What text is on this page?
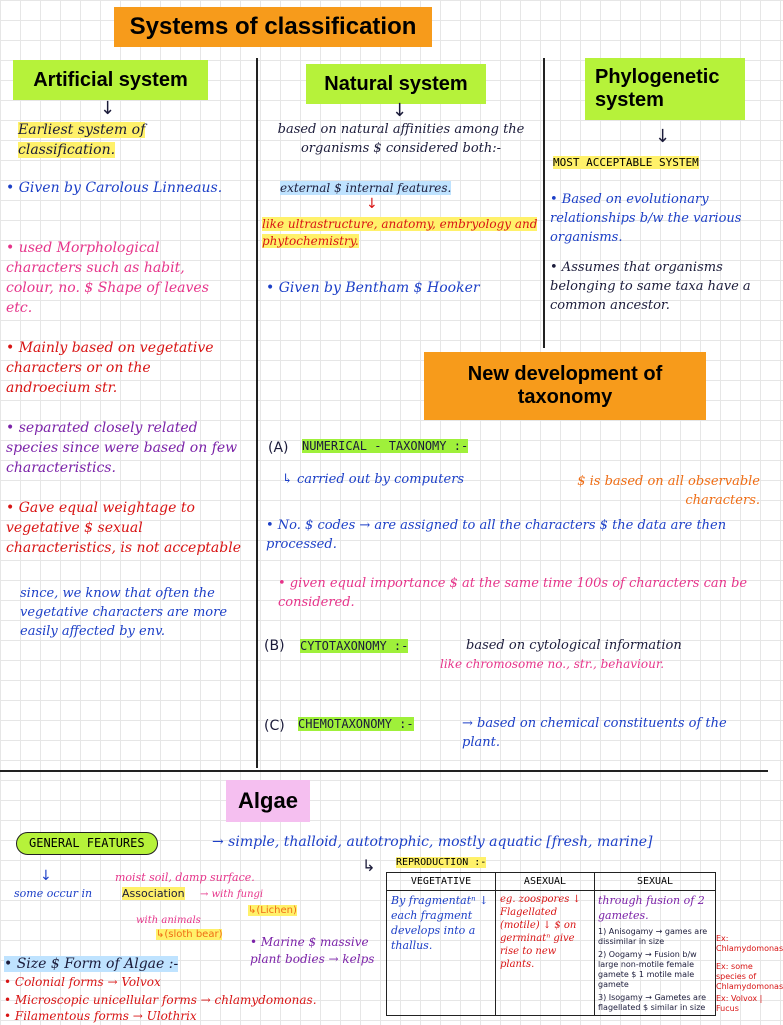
Systems of classification
Artificial system
↓
Earliest system of classification.
• Given by Carolous Linneaus.
• used Morphological characters such as habit, colour, no. $ Shape of leaves etc.
• Mainly based on vegetative characters or on the androecium str.
• separated closely related species since were based on few characteristics.
• Gave equal weightage to vegetative $ sexual characteristics, is not acceptable
since, we know that often the vegetative characters are more easily affected by env.
Natural system
↓
based on natural affinities among the organisms $ considered both:-
external $ internal features.
↓
like ultrastructure, anatomy, embryology and phytochemistry.
• Given by Bentham $ Hooker
Phylogenetic system
↓
MOST ACCEPTABLE SYSTEM
• Based on evolutionary relationships b/w the various organisms.
• Assumes that organisms belonging to same taxa have a common ancestor.
New development of taxonomy
(A) NUMERICAL - TAXONOMY :-
↳ carried out by computers	$ is based on all observable characters.
• No. $ codes → are assigned to all the characters $ the data are then processed.
• given equal importance $ at the same time 100s of characters can be considered.
(B) CYTOTAXONOMY :-	based on cytological information
like chromosome no., str., behaviour.
(C) CHEMOTAXONOMY :-	→ based on chemical constituents of the plant.
Algae
GENERAL FEATURES	→ simple, thalloid, autotrophic, mostly aquatic [fresh, marine]
moist soil, damp surface.
↓
some occur in	Association → with fungi
↳(Lichen)
with animals
↳(sloth bear)
• Size $ Form of Algae :-
• Colonial forms → Volvox
• Microscopic unicellular forms → chlamydomonas.
• Filamentous forms → Ulothrix
• Marine $ massive plant bodies → kelps
REPRODUCTION :-
↳
VEGETATIVE	ASEXUAL	SEXUAL
By fragmentatⁿ ↓ each fragment develops into a thallus.	eg. zoospores ↓ Flagellated (motile) ↓ $ on germinatⁿ give rise to new plants.	through fusion of 2 gametes.
1) Anisogamy → games are dissimilar in size
2) Oogamy → Fusion b/w large non-motile female gamete $ 1 motile male gamete
3) Isogamy → Gametes are flagellated $ similar in size
Ex: Chlamydomonas
Ex: some species of Chlamydomonas
Ex: Volvox | Fucus
